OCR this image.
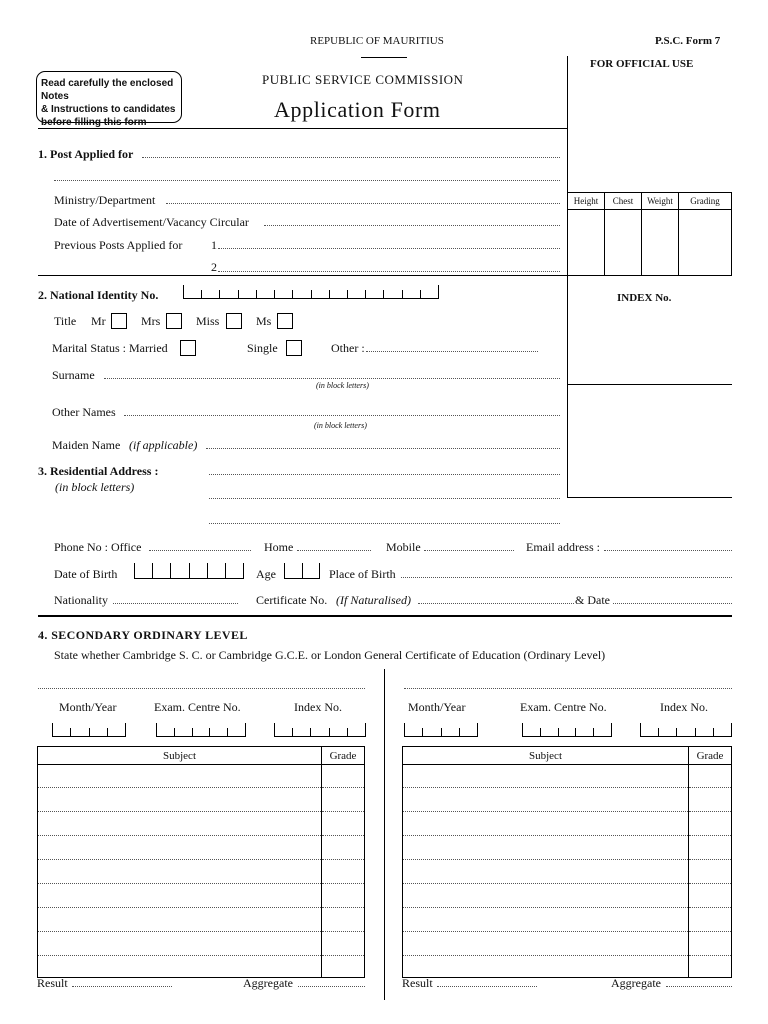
REPUBLIC OF MAURITIUS	P.S.C. Form 7
FOR OFFICIAL USE
Read carefully the enclosed Notes
& Instructions to candidates
before filling this form
PUBLIC SERVICE COMMISSION
Application Form
Height	Chest	Weight	Grading

INDEX No.
1. Post Applied for
Ministry/Department
Date of Advertisement/Vacancy Circular
Previous Posts Applied for 1
2
2. National Identity No.
Title Mr	Mrs	Miss	Ms
Marital Status : Married	Single	Other :
Surname
(in block letters)
Other Names
(in block letters)
Maiden Name (if applicable)
3. Residential Address :
(in block letters)
Phone No : Office	Home	Mobile	Email address :
Date of Birth	Age	Place of Birth
Nationality	Certificate No. (If Naturalised)	& Date
4. SECONDARY ORDINARY LEVEL
State whether Cambridge S. C. or Cambridge G.C.E. or London General Certificate of Education (Ordinary Level)
Month/Year	Exam. Centre No.	Index No.
Subject	Grade

Result	Aggregate
Month/Year	Exam. Centre No.	Index No.
Subject	Grade

Result	Aggregate
